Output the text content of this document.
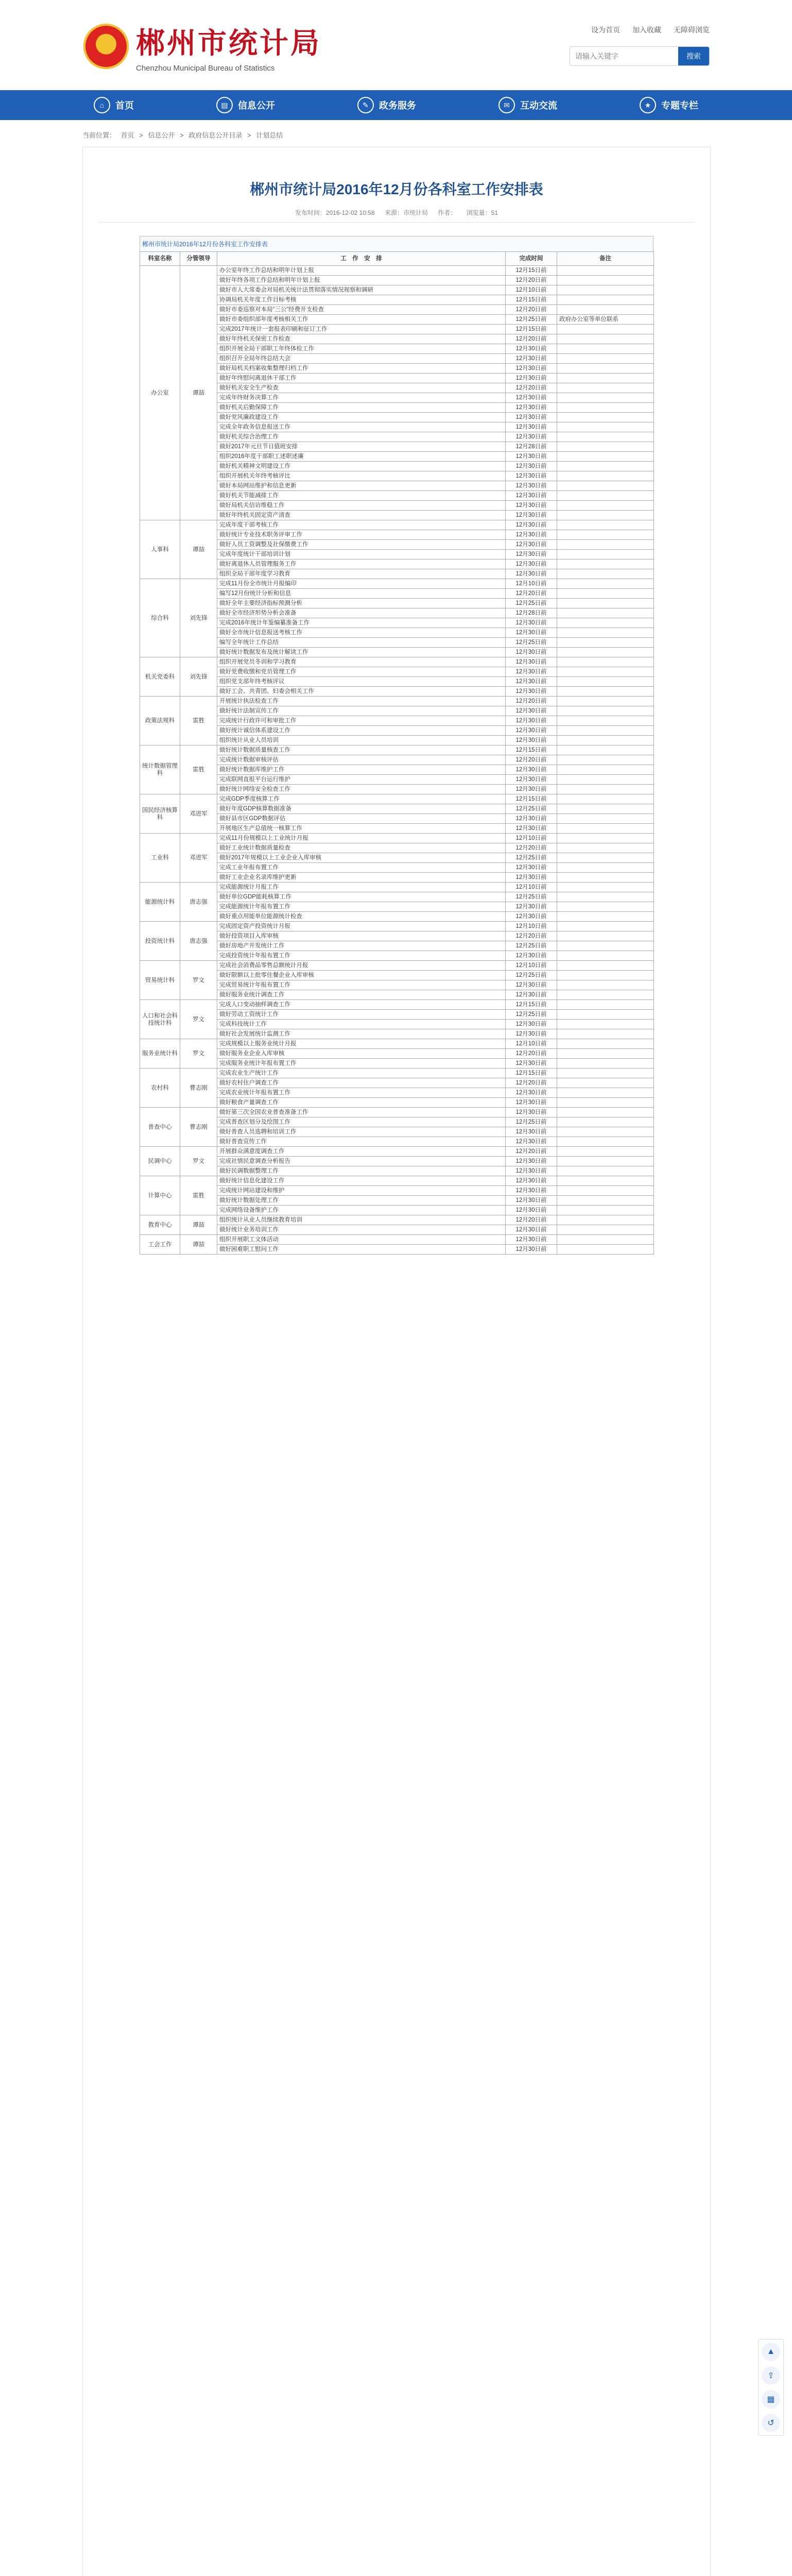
郴州市统计局
Chenzhou Municipal Bureau of Statistics
设为首页 加入收藏 无障碍浏览
请输入关键字
搜索
⌂	首页	▤	信息公开	✎	政务服务	✉	互动交流	★	专题专栏
当前位置： 首页 > 信息公开 > 政府信息公开目录 > 计划总结
郴州市统计局2016年12月份各科室工作安排表
发布时间：2016-12-02 10:58 来源：市统计局 作者： 浏览量：51
郴州市统计局2016年12月份各科室工作安排表
科室名称	分管领导	工　作　安　排	完成时间	备注
办公室	谭喆	办公室年终工作总结和明年计划上报	12月15日前	
		做好年终各项工作总结和明年计划上报	12月20日前	
		做好市人大常委会对局机关统计法贯彻落实情况视察和调研	12月10日前	
		协调局机关年度工作目标考核	12月15日前	
		做好市委巡察对本局“三公”经费开支检查	12月20日前	
		做好市委组织部年度考核相关工作	12月25日前	政府办公室等单位联系
		完成2017年统计一套报表印刷和征订工作	12月15日前	
		做好年终机关保密工作检查	12月20日前	
		组织开展全局干部职工年终体检工作	12月30日前	
		组织召开全局年终总结大会	12月30日前	
		做好局机关档案收集整理归档工作	12月30日前	
		做好年终慰问离退休干部工作	12月30日前	
		做好机关安全生产检查	12月20日前	
		完成年终财务决算工作	12月30日前	
		做好机关后勤保障工作	12月30日前	
		做好党风廉政建设工作	12月30日前	
		完成全年政务信息报送工作	12月30日前	
		做好机关综合治理工作	12月30日前	
		做好2017年元旦节日值班安排	12月28日前	
		组织2016年度干部职工述职述廉	12月30日前	
		做好机关精神文明建设工作	12月30日前	
		组织开展机关年终考核评比	12月30日前	
		做好本局网站维护和信息更新	12月30日前	
		做好机关节能减排工作	12月30日前	
		做好局机关信访维稳工作	12月30日前	
		做好年终机关固定资产清查	12月30日前	
人事科	谭喆	完成年度干部考核工作	12月30日前	
		做好统计专业技术职务评审工作	12月30日前	
		做好人员工资调整及社保缴费工作	12月30日前	
		完成年度统计干部培训计划	12月30日前	
		做好离退休人员管理服务工作	12月30日前	
		组织全局干部年度学习教育	12月30日前	
综合科	刘先锋	完成11月份全市统计月报编印	12月10日前	
		编写12月份统计分析和信息	12月20日前	
		做好全年主要经济指标预测分析	12月25日前	
		做好全市经济形势分析会准备	12月28日前	
		完成2016年统计年鉴编纂准备工作	12月30日前	
		做好全市统计信息报送考核工作	12月30日前	
		编写全年统计工作总结	12月25日前	
		做好统计数据发布及统计解读工作	12月30日前	
机关党委科	刘先锋	组织开展党员冬训和学习教育	12月30日前	
		做好党费收缴和党员管理工作	12月30日前	
		组织党支部年终考核评议	12月30日前	
		做好工会、共青团、妇委会相关工作	12月30日前	
政策法规科	雷胜	开展统计执法检查工作	12月20日前	
		做好统计法制宣传工作	12月30日前	
		完成统计行政许可和审批工作	12月30日前	
		做好统计诚信体系建设工作	12月30日前	
		组织统计从业人员培训	12月30日前	
统计数据管理科	雷胜	做好统计数据质量核查工作	12月15日前	
		完成统计数据审核评估	12月20日前	
		做好统计数据库维护工作	12月30日前	
		完成联网直报平台运行维护	12月30日前	
		做好统计网络安全检查工作	12月30日前	
国民经济核算科	邓进军	完成GDP季度核算工作	12月15日前	
		做好年度GDP核算数据准备	12月25日前	
		做好县市区GDP数据评估	12月30日前	
		开展地区生产总值统一核算工作	12月30日前	
工业科	邓进军	完成11月份规模以上工业统计月报	12月10日前	
		做好工业统计数据质量检查	12月20日前	
		做好2017年规模以上工业企业入库审核	12月25日前	
		完成工业年报布置工作	12月30日前	
		做好工业企业名录库维护更新	12月30日前	
能源统计科	唐志强	完成能源统计月报工作	12月10日前	
		做好单位GDP能耗核算工作	12月25日前	
		完成能源统计年报布置工作	12月30日前	
		做好重点用能单位能源统计检查	12月30日前	
投资统计科	唐志强	完成固定资产投资统计月报	12月10日前	
		做好投资项目入库审核	12月20日前	
		做好房地产开发统计工作	12月25日前	
		完成投资统计年报布置工作	12月30日前	
贸易统计科	罗文	完成社会消费品零售总额统计月报	12月10日前	
		做好限额以上批零住餐企业入库审核	12月25日前	
		完成贸易统计年报布置工作	12月30日前	
		做好服务业统计调查工作	12月30日前	
人口和社会科技统计科	罗文	完成人口变动抽样调查工作	12月15日前	
		做好劳动工资统计工作	12月25日前	
		完成科技统计工作	12月30日前	
		做好社会发展统计监测工作	12月30日前	
服务业统计科	罗文	完成规模以上服务业统计月报	12月10日前	
		做好服务业企业入库审核	12月20日前	
		完成服务业统计年报布置工作	12月30日前	
农村科	曹志刚	完成农业生产统计工作	12月15日前	
		做好农村住户调查工作	12月20日前	
		完成农业统计年报布置工作	12月30日前	
		做好粮食产量调查工作	12月30日前	
普查中心	曹志刚	做好第三次全国农业普查准备工作	12月30日前	
		完成普查区划分及绘图工作	12月25日前	
		做好普查人员选聘和培训工作	12月30日前	
		做好普查宣传工作	12月30日前	
民调中心	罗文	开展群众满意度调查工作	12月20日前	
		完成社情民意调查分析报告	12月30日前	
		做好民调数据整理工作	12月30日前	
计算中心	雷胜	做好统计信息化建设工作	12月30日前	
		完成统计网站建设和维护	12月30日前	
		做好统计数据处理工作	12月30日前	
		完成网络设备维护工作	12月30日前	
教育中心	谭喆	组织统计从业人员继续教育培训	12月20日前	
		做好统计业务培训工作	12月30日前	
工会工作	谭喆	组织开展职工文体活动	12月30日前	
		做好困难职工慰问工作	12月30日前	
▲
⇪
▦
↺
